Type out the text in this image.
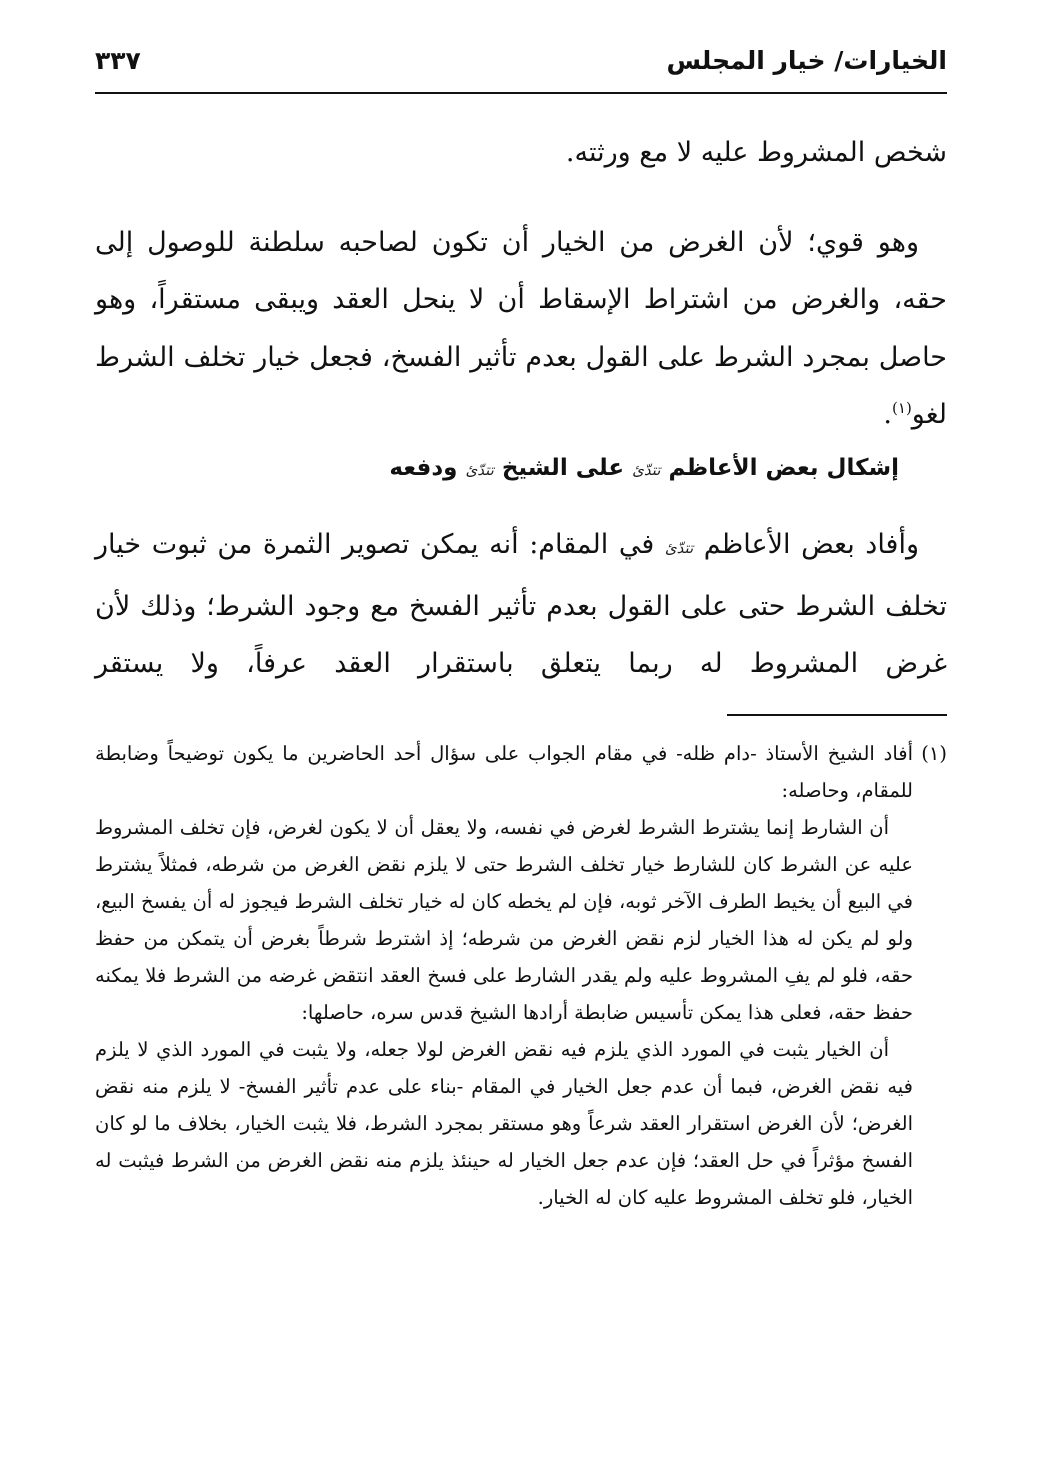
الخيارات/ خيار المجلس
٣٣٧

شخص المشروط عليه لا مع ورثته.

وهو قوي؛ لأن الغرض من الخيار أن تكون لصاحبه سلطنة للوصول إلى حقه، والغرض من اشتراط الإسقاط أن لا ينحل العقد ويبقى مستقراً، وهو حاصل بمجرد الشرط على القول بعدم تأثير الفسخ، فجعل خيار تخلف الشرط لغو$^{(١)}$.

إشكال بعض الأعاظم تتدّئ على الشيخ تتدّئ ودفعه
وأفاد بعض الأعاظم تتدّئ في المقام: أنه يمكن تصوير الثمرة من ثبوت خيار تخلف الشرط حتى على القول بعدم تأثير الفسخ مع وجود الشرط؛ وذلك لأن غرض المشروط له ربما يتعلق باستقرار العقد عرفاً، ولا يستقر

(١)أفاد الشيخ الأستاذ -دام ظله- في مقام الجواب على سؤال أحد الحاضرين ما يكون توضيحاً وضابطة للمقام، وحاصله:

أن الشارط إنما يشترط الشرط لغرض في نفسه، ولا يعقل أن لا يكون لغرض، فإن تخلف المشروط عليه عن الشرط كان للشارط خيار تخلف الشرط حتى لا يلزم نقض الغرض من شرطه، فمثلاً يشترط في البيع أن يخيط الطرف الآخر ثوبه، فإن لم يخطه كان له خيار تخلف الشرط فيجوز له أن يفسخ البيع، ولو لم يكن له هذا الخيار لزم نقض الغرض من شرطه؛ إذ اشترط شرطاً بغرض أن يتمكن من حفظ حقه، فلو لم يفِ المشروط عليه ولم يقدر الشارط على فسخ العقد انتقض غرضه من الشرط فلا يمكنه حفظ حقه، فعلى هذا يمكن تأسيس ضابطة أرادها الشيخ قدس سره، حاصلها:

أن الخيار يثبت في المورد الذي يلزم فيه نقض الغرض لولا جعله، ولا يثبت في المورد الذي لا يلزم فيه نقض الغرض، فبما أن عدم جعل الخيار في المقام -بناء على عدم تأثير الفسخ- لا يلزم منه نقض الغرض؛ لأن الغرض استقرار العقد شرعاً وهو مستقر بمجرد الشرط، فلا يثبت الخيار، بخلاف ما لو كان الفسخ مؤثراً في حل العقد؛ فإن عدم جعل الخيار له حينئذ يلزم منه نقض الغرض من الشرط فيثبت له الخيار، فلو تخلف المشروط عليه كان له الخيار.
